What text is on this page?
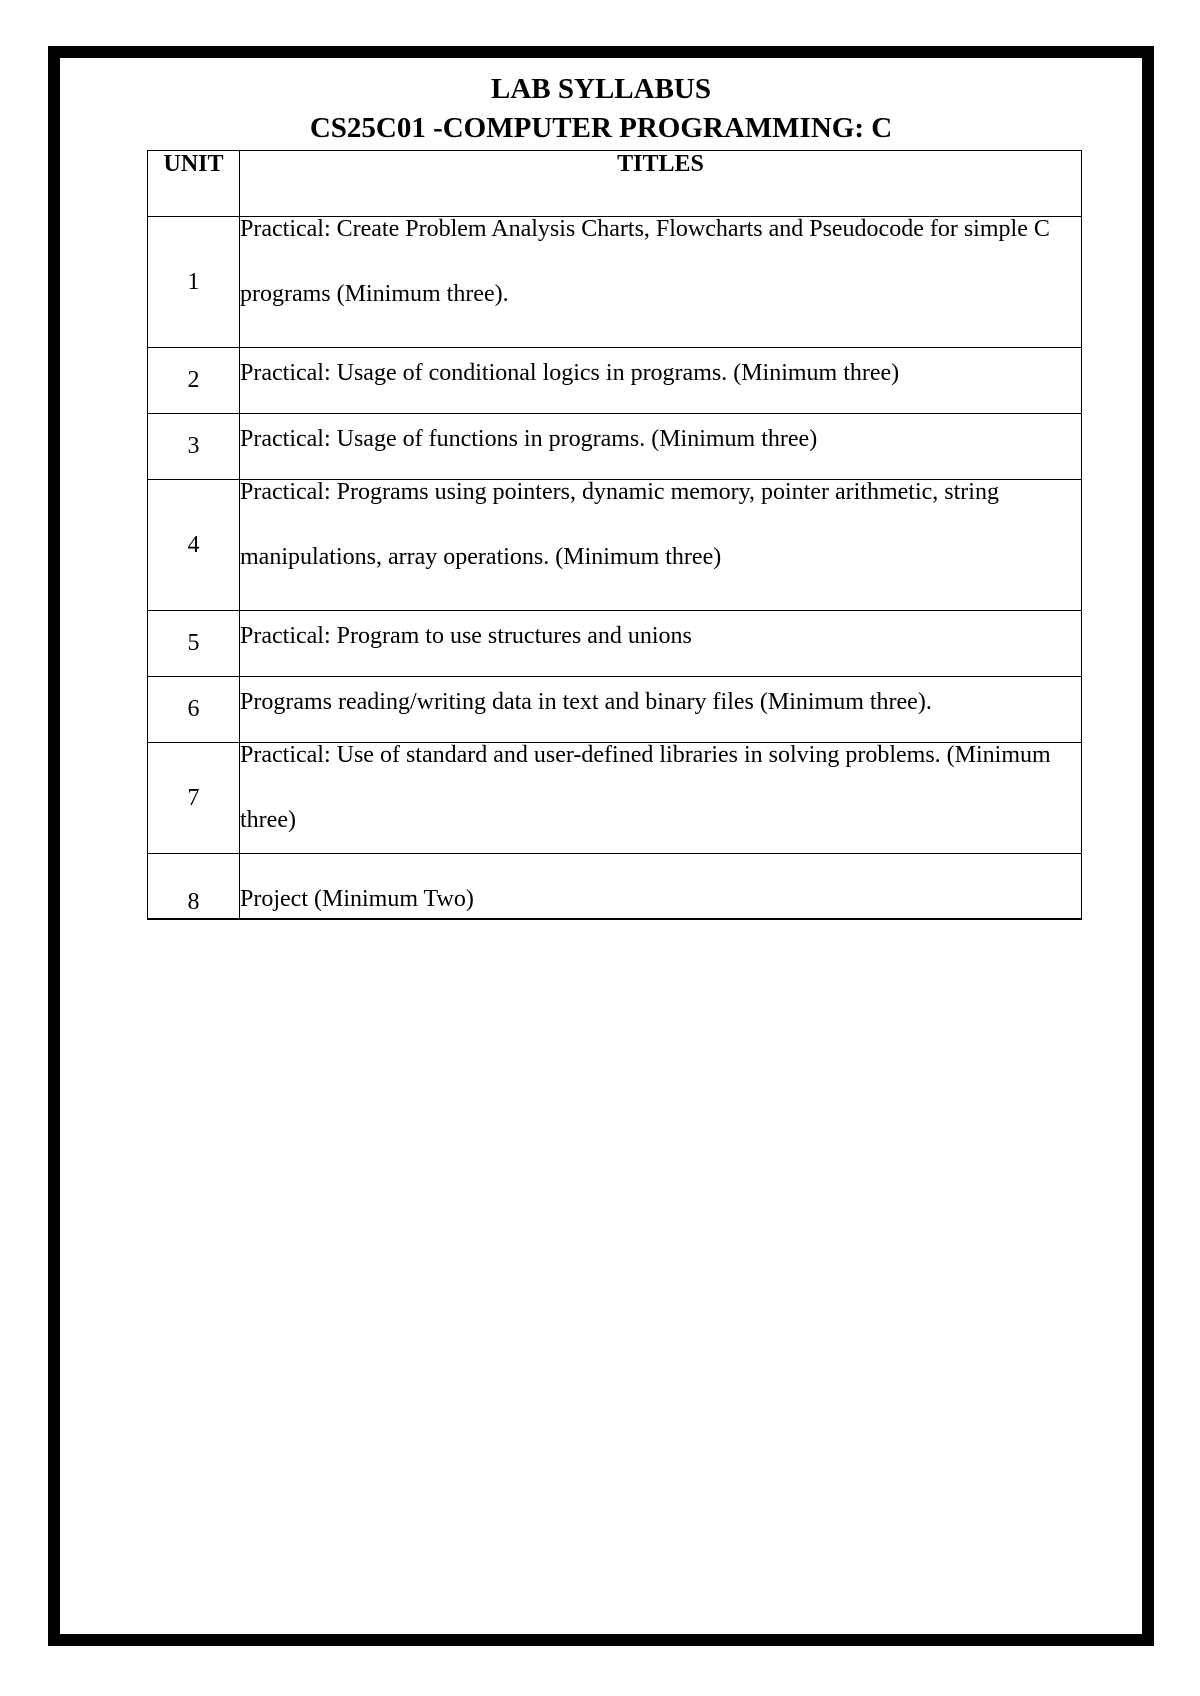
LAB SYLLABUS
CS25C01 -COMPUTER PROGRAMMING: C
UNIT	TITLES
1	Practical: Create Problem Analysis Charts, Flowcharts and Pseudocode for simple C programs (Minimum three).

2	Practical: Usage of conditional logics in programs. (Minimum three)

3	Practical: Usage of functions in programs. (Minimum three)

4	Practical: Programs using pointers, dynamic memory, pointer arithmetic, string manipulations, array operations. (Minimum three)

5	Practical: Program to use structures and unions

6	Programs reading/writing data in text and binary files (Minimum three).

7	Practical: Use of standard and user-defined libraries in solving problems. (Minimum three)

8	Project (Minimum Two)
